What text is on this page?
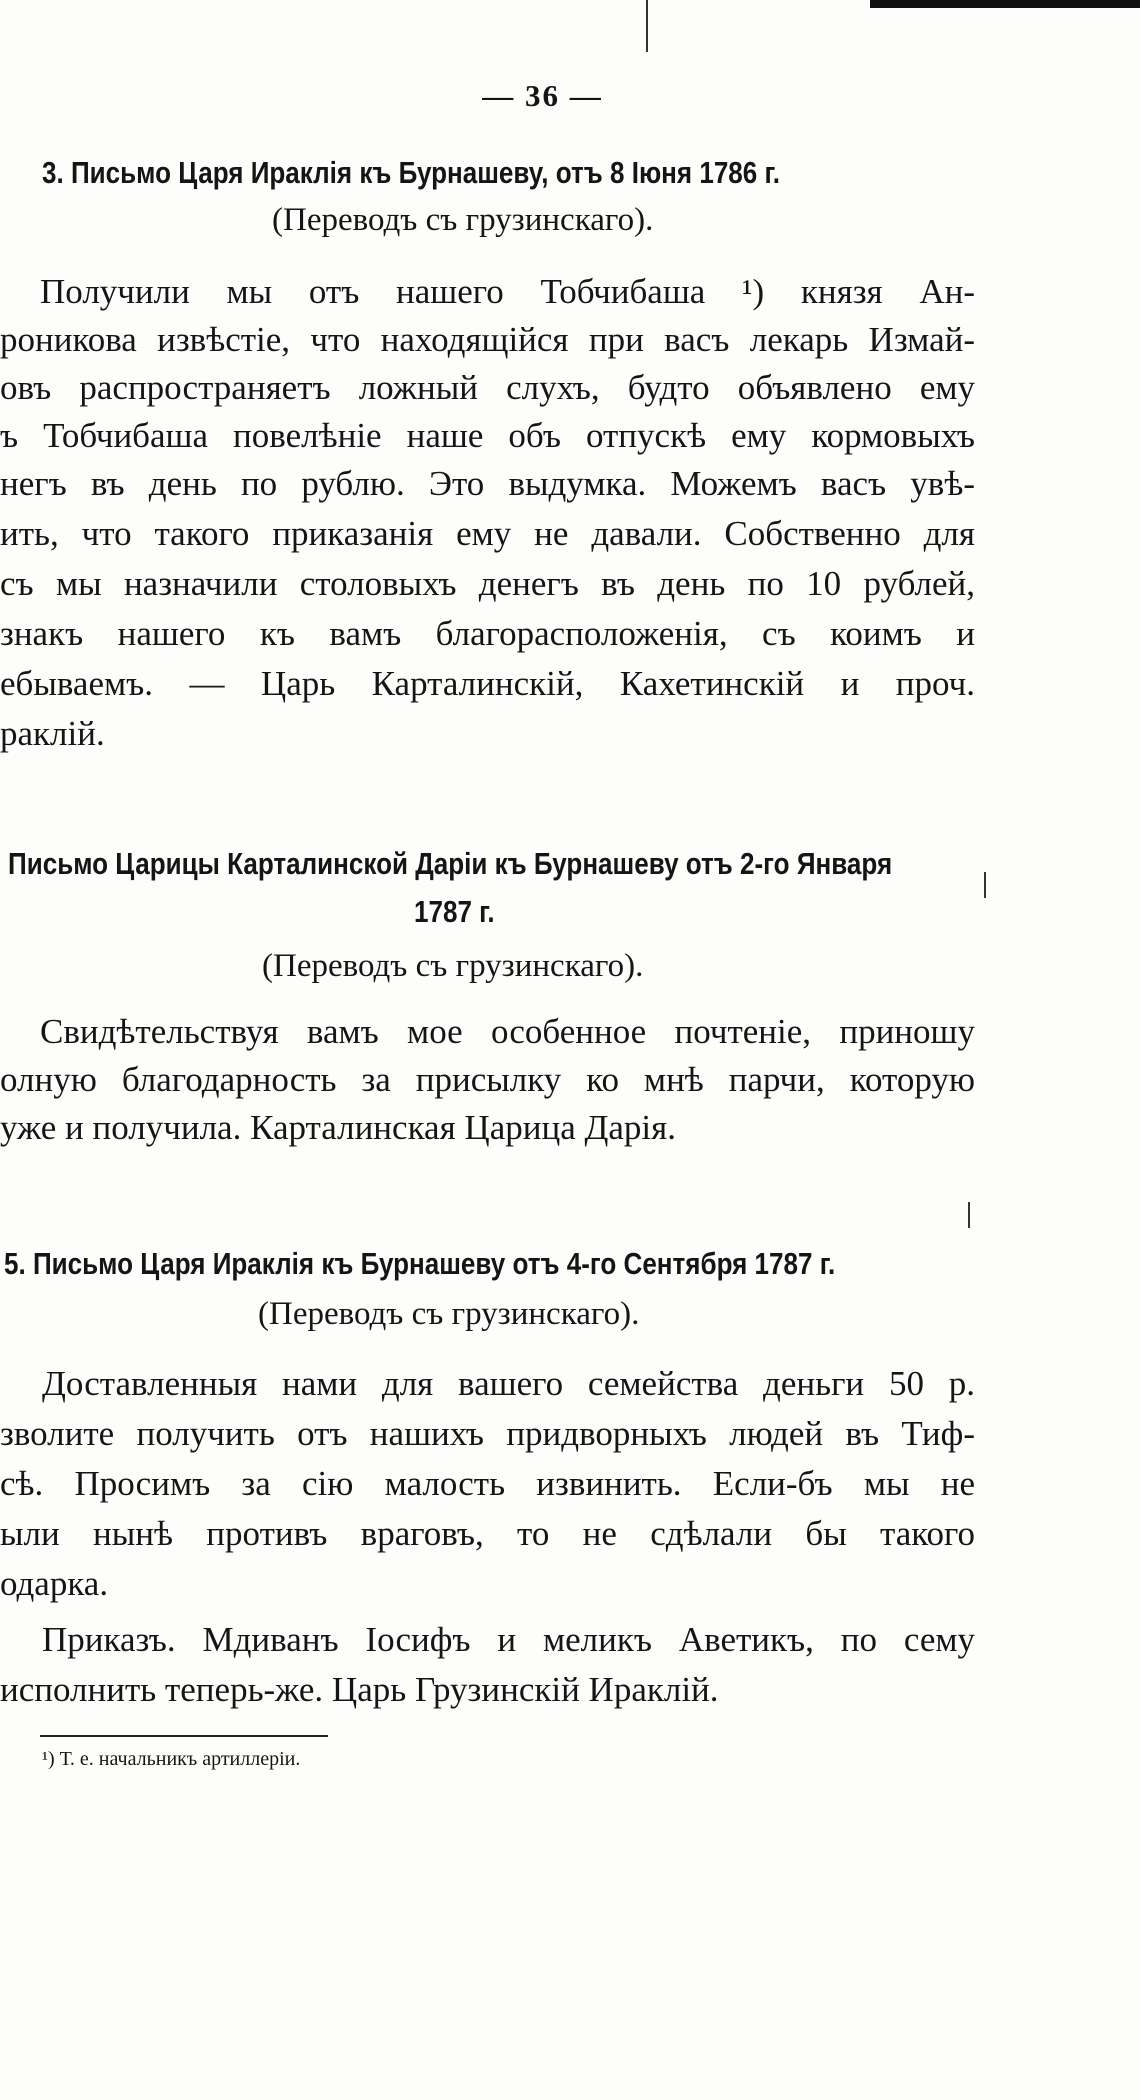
— 36 —
3. Письмо Царя Ираклія къ Бурнашеву, отъ 8 Іюня 1786 г.
(Переводъ съ грузинскаго).
Получили мы отъ нашего Тобчибаша ¹) князя Ан-
роникова извѣстіе, что находящійся при васъ лекарь Измай-
овъ распространяетъ ложный слухъ, будто объявлено ему
ъ Тобчибаша повелѣніе наше объ отпускѣ ему кормовыхъ
негъ въ день по рублю. Это выдумка. Можемъ васъ увѣ-
ить, что такого приказанія ему не давали. Собственно для
съ мы назначили столовыхъ денегъ въ день по 10 рублей,
знакъ нашего къ вамъ благорасположенія, съ коимъ и
ебываемъ. — Царь Карталинскій, Кахетинскій и проч.
раклій.
Письмо Царицы Карталинской Даріи къ Бурнашеву отъ 2-го Января
1787 г.
(Переводъ съ грузинскаго).
Свидѣтельствуя вамъ мое особенное почтеніе, приношу
олную благодарность за присылку ко мнѣ парчи, которую
уже и получила. Карталинская Царица Дарія.
5. Письмо Царя Ираклія къ Бурнашеву отъ 4-го Сентября 1787 г.
(Переводъ съ грузинскаго).
Доставленныя нами для вашего семейства деньги 50 р.
зволите получить отъ нашихъ придворныхъ людей въ Тиф-
сѣ. Просимъ за сію малость извинить. Если-бъ мы не
ыли нынѣ противъ враговъ, то не сдѣлали бы такого
одарка.
Приказъ. Мдиванъ Іосифъ и меликъ Аветикъ, по сему
исполнить теперь-же. Царь Грузинскій Ираклій.
¹) Т. е. начальникъ артиллеріи.
